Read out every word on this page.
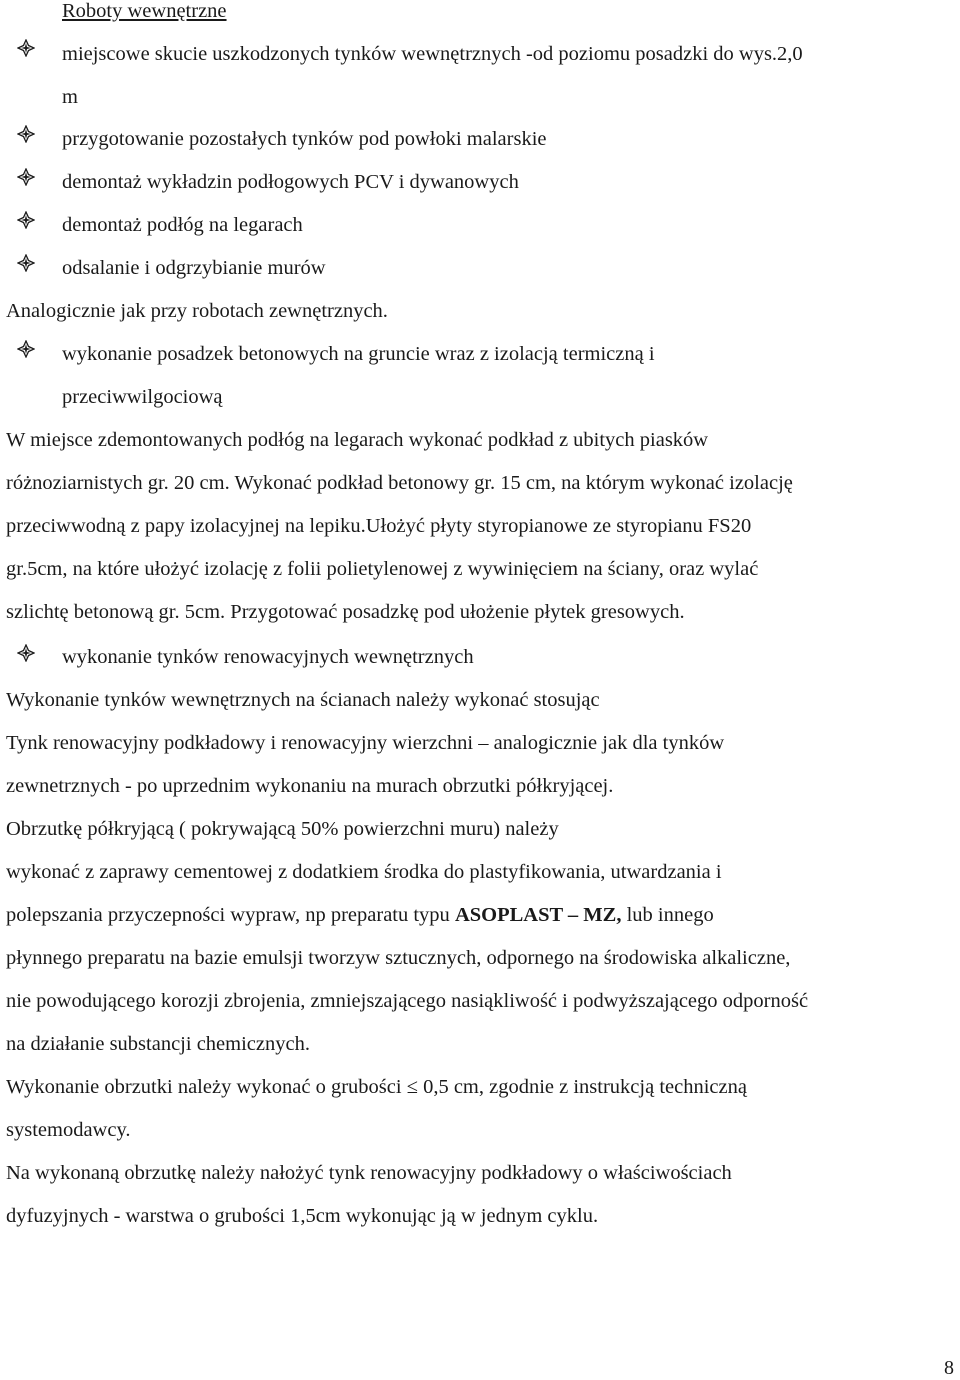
Roboty wewnętrzne
miejscowe skucie uszkodzonych tynków wewnętrznych -od poziomu posadzki do wys.2,0
m
przygotowanie pozostałych tynków pod powłoki malarskie
demontaż wykładzin podłogowych PCV i dywanowych
demontaż podłóg na legarach
odsalanie i odgrzybianie murów
Analogicznie jak przy robotach zewnętrznych.
wykonanie posadzek betonowych na gruncie wraz z izolacją termiczną i
przeciwwilgociową
W miejsce zdemontowanych podłóg na legarach wykonać podkład z ubitych piasków
różnoziarnistych gr. 20 cm. Wykonać podkład betonowy gr. 15 cm, na którym wykonać izolację
przeciwwodną z papy izolacyjnej na lepiku.Ułożyć płyty styropianowe ze styropianu FS20
gr.5cm, na które ułożyć izolację z folii polietylenowej z wywinięciem na ściany, oraz wylać
szlichtę betonową gr. 5cm. Przygotować posadzkę pod ułożenie płytek gresowych.
wykonanie tynków renowacyjnych wewnętrznych
Wykonanie tynków wewnętrznych na ścianach należy wykonać stosując
Tynk renowacyjny podkładowy i renowacyjny wierzchni – analogicznie jak dla tynków
zewnetrznych - po uprzednim wykonaniu na murach obrzutki półkryjącej.
Obrzutkę półkryjącą ( pokrywającą 50% powierzchni muru) należy
wykonać z zaprawy cementowej z dodatkiem środka do plastyfikowania, utwardzania i
polepszania przyczepności wypraw, np preparatu typu ASOPLAST – MZ, lub innego
płynnego preparatu na bazie emulsji tworzyw sztucznych, odpornego na środowiska alkaliczne,
nie powodującego korozji zbrojenia, zmniejszającego nasiąkliwość i podwyższającego odporność
na działanie substancji chemicznych.
Wykonanie obrzutki należy wykonać o grubości ≤ 0,5 cm, zgodnie z instrukcją techniczną
systemodawcy.
Na wykonaną obrzutkę należy nałożyć tynk renowacyjny podkładowy o właściwościach
dyfuzyjnych - warstwa o grubości 1,5cm wykonując ją w jednym cyklu.
8
